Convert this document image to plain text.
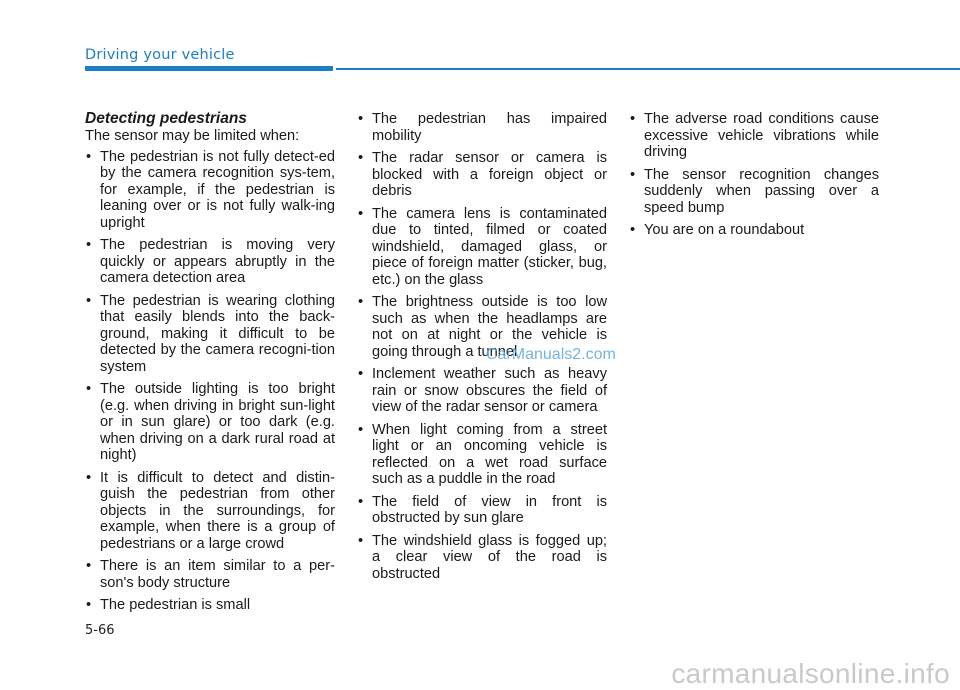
Driving your vehicle

Detecting pedestrians

The sensor may be limited when:

• The pedestrian is not fully detect-ed by the camera recognition sys-tem, for example, if the pedestrian is leaning over or is not fully walk-ing upright
• The pedestrian is moving very quickly or appears abruptly in the camera detection area
• The pedestrian is wearing clothing that easily blends into the back-ground, making it difficult to be detected by the camera recogni-tion system
• The outside lighting is too bright (e.g. when driving in bright sun-light or in sun glare) or too dark (e.g. when driving on a dark rural road at night)
• It is difficult to detect and distin-guish the pedestrian from other objects in the surroundings, for example, when there is a group of pedestrians or a large crowd
• There is an item similar to a per-son's body structure
• The pedestrian is small
• The pedestrian has impaired mobility
• The radar sensor or camera is blocked with a foreign object or debris
• The camera lens is contaminated due to tinted, filmed or coated windshield, damaged glass, or piece of foreign matter (sticker, bug, etc.) on the glass
• The brightness outside is too low such as when the headlamps are not on at night or the vehicle is going through a tunnel
• Inclement weather such as heavy rain or snow obscures the field of view of the radar sensor or camera
• When light coming from a street light or an oncoming vehicle is reflected on a wet road surface such as a puddle in the road
• The field of view in front is obstructed by sun glare
• The windshield glass is fogged up; a clear view of the road is obstructed
• The adverse road conditions cause excessive vehicle vibrations while driving
• The sensor recognition changes suddenly when passing over a speed bump
• You are on a roundabout
CarManuals2.com
5-66
carmanualsonline.info
